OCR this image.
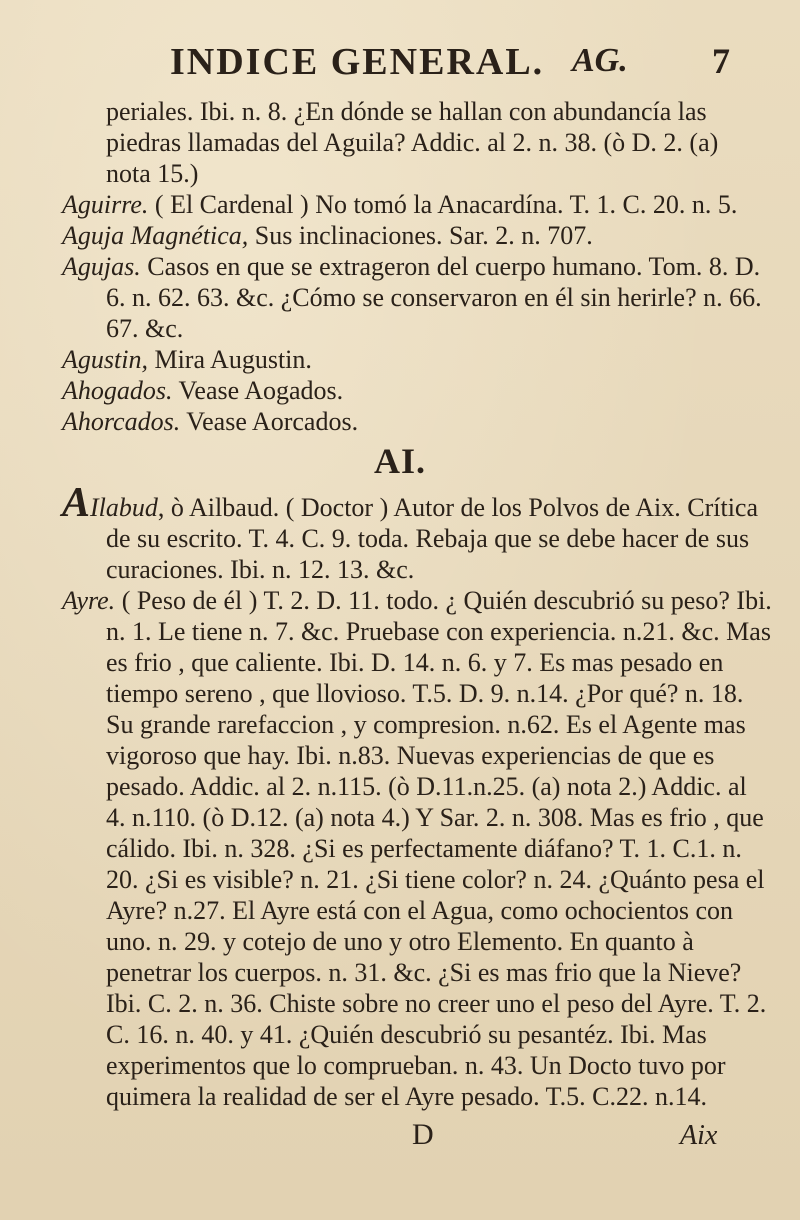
INDICE GENERAL. AG. 7

periales. Ibi. n. 8. ¿En dónde se hallan con abundancía las piedras llamadas del Aguila? Addic. al 2. n. 38. (ò D. 2. (a) nota 15.)

Aguirre. ( El Cardenal ) No tomó la Anacardína. T. 1. C. 20. n. 5.

Aguja Magnética, Sus inclinaciones. Sar. 2. n. 707.

Agujas. Casos en que se extrageron del cuerpo humano. Tom. 8. D. 6. n. 62. 63. &c. ¿Cómo se conservaron en él sin herirle? n. 66. 67. &c.

Agustin, Mira Augustin.

Ahogados. Vease Aogados.

Ahorcados. Vease Aorcados.

AI.

AIlabud, ò Ailbaud. ( Doctor ) Autor de los Polvos de Aix. Crítica de su escrito. T. 4. C. 9. toda. Rebaja que se debe hacer de sus curaciones. Ibi. n. 12. 13. &c.

Ayre. ( Peso de él ) T. 2. D. 11. todo. ¿ Quién descubrió su peso? Ibi. n. 1. Le tiene n. 7. &c. Pruebase con experiencia. n.21. &c. Mas es frio , que caliente. Ibi. D. 14. n. 6. y 7. Es mas pesado en tiempo sereno , que llovioso. T.5. D. 9. n.14. ¿Por qué? n. 18. Su grande rarefaccion , y compresion. n.62. Es el Agente mas vigoroso que hay. Ibi. n.83. Nuevas experiencias de que es pesado. Addic. al 2. n.115. (ò D.11.n.25. (a) nota 2.) Addic. al 4. n.110. (ò D.12. (a) nota 4.) Y Sar. 2. n. 308. Mas es frio , que cálido. Ibi. n. 328. ¿Si es perfectamente diáfano? T. 1. C.1. n. 20. ¿Si es visible? n. 21. ¿Si tiene color? n. 24. ¿Quánto pesa el Ayre? n.27. El Ayre está con el Agua, como ochocientos con uno. n. 29. y cotejo de uno y otro Elemento. En quanto à penetrar los cuerpos. n. 31. &c. ¿Si es mas frio que la Nieve? Ibi. C. 2. n. 36. Chiste sobre no creer uno el peso del Ayre. T. 2. C. 16. n. 40. y 41. ¿Quién descubrió su pesantéz. Ibi. Mas experimentos que lo comprueban. n. 43. Un Docto tuvo por quimera la realidad de ser el Ayre pesado. T.5. C.22. n.14.

D	Aix
